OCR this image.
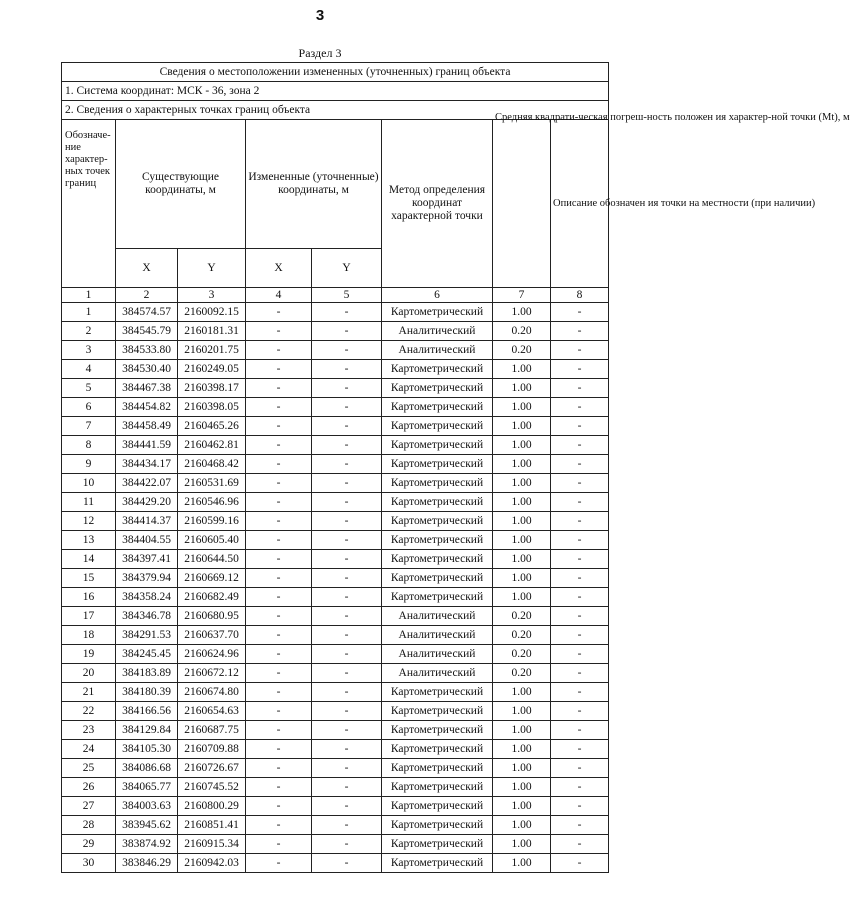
3
Раздел 3
Сведения о местоположении измененных (уточненных) границ объекта							
1. Система координат: МСК - 36, зона 2							
2. Сведения о характерных точках границ объекта							
Обозначе-ние характер-ных точек границ	Существующие координаты, м		Измененные (уточненные) координаты, м		Метод определения координат характерной точки	Средняя квадрати-ческая погреш-ность положен ия характер-ной точки (Mt), м	Описание обозначен ия точки на местности (при наличии)
	X	Y	X	Y			
1	2	3	4	5	6	7	8
1	384574.57	2160092.15	-	-	Картометрический	1.00	-
2	384545.79	2160181.31	-	-	Аналитический	0.20	-
3	384533.80	2160201.75	-	-	Аналитический	0.20	-
4	384530.40	2160249.05	-	-	Картометрический	1.00	-
5	384467.38	2160398.17	-	-	Картометрический	1.00	-
6	384454.82	2160398.05	-	-	Картометрический	1.00	-
7	384458.49	2160465.26	-	-	Картометрический	1.00	-
8	384441.59	2160462.81	-	-	Картометрический	1.00	-
9	384434.17	2160468.42	-	-	Картометрический	1.00	-
10	384422.07	2160531.69	-	-	Картометрический	1.00	-
11	384429.20	2160546.96	-	-	Картометрический	1.00	-
12	384414.37	2160599.16	-	-	Картометрический	1.00	-
13	384404.55	2160605.40	-	-	Картометрический	1.00	-
14	384397.41	2160644.50	-	-	Картометрический	1.00	-
15	384379.94	2160669.12	-	-	Картометрический	1.00	-
16	384358.24	2160682.49	-	-	Картометрический	1.00	-
17	384346.78	2160680.95	-	-	Аналитический	0.20	-
18	384291.53	2160637.70	-	-	Аналитический	0.20	-
19	384245.45	2160624.96	-	-	Аналитический	0.20	-
20	384183.89	2160672.12	-	-	Аналитический	0.20	-
21	384180.39	2160674.80	-	-	Картометрический	1.00	-
22	384166.56	2160654.63	-	-	Картометрический	1.00	-
23	384129.84	2160687.75	-	-	Картометрический	1.00	-
24	384105.30	2160709.88	-	-	Картометрический	1.00	-
25	384086.68	2160726.67	-	-	Картометрический	1.00	-
26	384065.77	2160745.52	-	-	Картометрический	1.00	-
27	384003.63	2160800.29	-	-	Картометрический	1.00	-
28	383945.62	2160851.41	-	-	Картометрический	1.00	-
29	383874.92	2160915.34	-	-	Картометрический	1.00	-
30	383846.29	2160942.03	-	-	Картометрический	1.00	-
